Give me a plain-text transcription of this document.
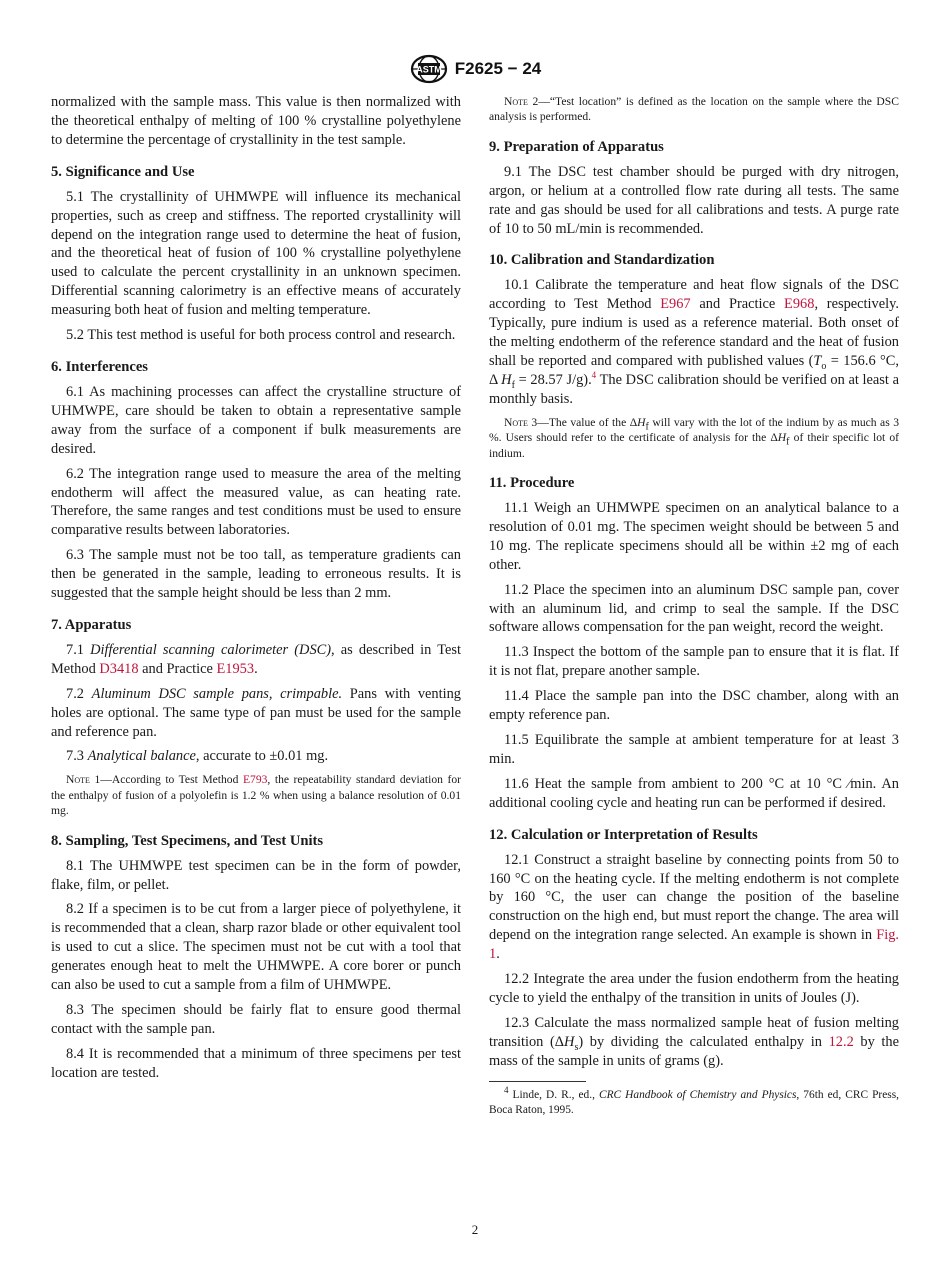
ASTM F2625 − 24

normalized with the sample mass. This value is then normalized with the theoretical enthalpy of melting of 100 % crystalline polyethylene to determine the percentage of crystallinity in the test sample.

5. Significance and Use

5.1 The crystallinity of UHMWPE will influence its mechanical properties, such as creep and stiffness. The reported crystallinity will depend on the integration range used to determine the heat of fusion, and the theoretical heat of fusion of 100 % crystalline polyethylene used to calculate the percent crystallinity in an unknown specimen. Differential scanning calorimetry is an effective means of accurately measuring both heat of fusion and melting temperature.

5.2 This test method is useful for both process control and research.

6. Interferences

6.1 As machining processes can affect the crystalline structure of UHMWPE, care should be taken to obtain a representative sample away from the surface of a component if bulk measurements are desired.

6.2 The integration range used to measure the area of the melting endotherm will affect the measured value, as can heating rate. Therefore, the same ranges and test conditions must be used to ensure comparative results between laboratories.

6.3 The sample must not be too tall, as temperature gradients can then be generated in the sample, leading to erroneous results. It is suggested that the sample height should be less than 2 mm.

7. Apparatus

7.1 Differential scanning calorimeter (DSC), as described in Test Method D3418 and Practice E1953.

7.2 Aluminum DSC sample pans, crimpable. Pans with venting holes are optional. The same type of pan must be used for the sample and reference pan.

7.3 Analytical balance, accurate to ±0.01 mg.

Note 1—According to Test Method E793, the repeatability standard deviation for the enthalpy of fusion of a polyolefin is 1.2 % when using a balance resolution of 0.01 mg.

8. Sampling, Test Specimens, and Test Units

8.1 The UHMWPE test specimen can be in the form of powder, flake, film, or pellet.

8.2 If a specimen is to be cut from a larger piece of polyethylene, it is recommended that a clean, sharp razor blade or other equivalent tool is used to cut a slice. The specimen must not be cut with a tool that generates enough heat to melt the UHMWPE. A core borer or punch can also be used to cut a sample from a film of UHMWPE.

8.3 The specimen should be fairly flat to ensure good thermal contact with the sample pan.

8.4 It is recommended that a minimum of three specimens per test location are tested.

Note 2—“Test location” is defined as the location on the sample where the DSC analysis is performed.

9. Preparation of Apparatus

9.1 The DSC test chamber should be purged with dry nitrogen, argon, or helium at a controlled flow rate during all tests. The same rate and gas should be used for all calibrations and tests. A purge rate of 10 to 50 mL/min is recommended.

10. Calibration and Standardization

10.1 Calibrate the temperature and heat flow signals of the DSC according to Test Method E967 and Practice E968, respectively. Typically, pure indium is used as a reference material. Both onset of the melting endotherm of the reference standard and the heat of fusion shall be reported and compared with published values ($T_o = 156.6$ °C, Δ $H_f = 28.57$ J/g).$^4$ The DSC calibration should be verified on at least a monthly basis.

Note 3—The value of the $\Delta H_f$ will vary with the lot of the indium by as much as 3 %. Users should refer to the certificate of analysis for the $\Delta H_f$ of their specific lot of indium.

11. Procedure

11.1 Weigh an UHMWPE specimen on an analytical balance to a resolution of 0.01 mg. The specimen weight should be between 5 and 10 mg. The replicate specimens should all be within ±2 mg of each other.

11.2 Place the specimen into an aluminum DSC sample pan, cover with an aluminum lid, and crimp to seal the sample. If the DSC software allows compensation for the pan weight, record the weight.

11.3 Inspect the bottom of the sample pan to ensure that it is flat. If it is not flat, prepare another sample.

11.4 Place the sample pan into the DSC chamber, along with an empty reference pan.

11.5 Equilibrate the sample at ambient temperature for at least 3 min.

11.6 Heat the sample from ambient to 200 °C at 10 °C ⁄min. An additional cooling cycle and heating run can be performed if desired.

12. Calculation or Interpretation of Results

12.1 Construct a straight baseline by connecting points from 50 to 160 °C on the heating cycle. If the melting endotherm is not complete by 160 °C, the user can change the position of the baseline construction on the high end, but must report the change. The area will depend on the integration range selected. An example is shown in Fig. 1.

12.2 Integrate the area under the fusion endotherm from the heating cycle to yield the enthalpy of the transition in units of Joules (J).

12.3 Calculate the mass normalized sample heat of fusion melting transition $(\Delta H_s)$ by dividing the calculated enthalpy in 12.2 by the mass of the sample in units of grams (g).

$^4$ Linde, D. R., ed., CRC Handbook of Chemistry and Physics, 76th ed, CRC Press, Boca Raton, 1995.

2
